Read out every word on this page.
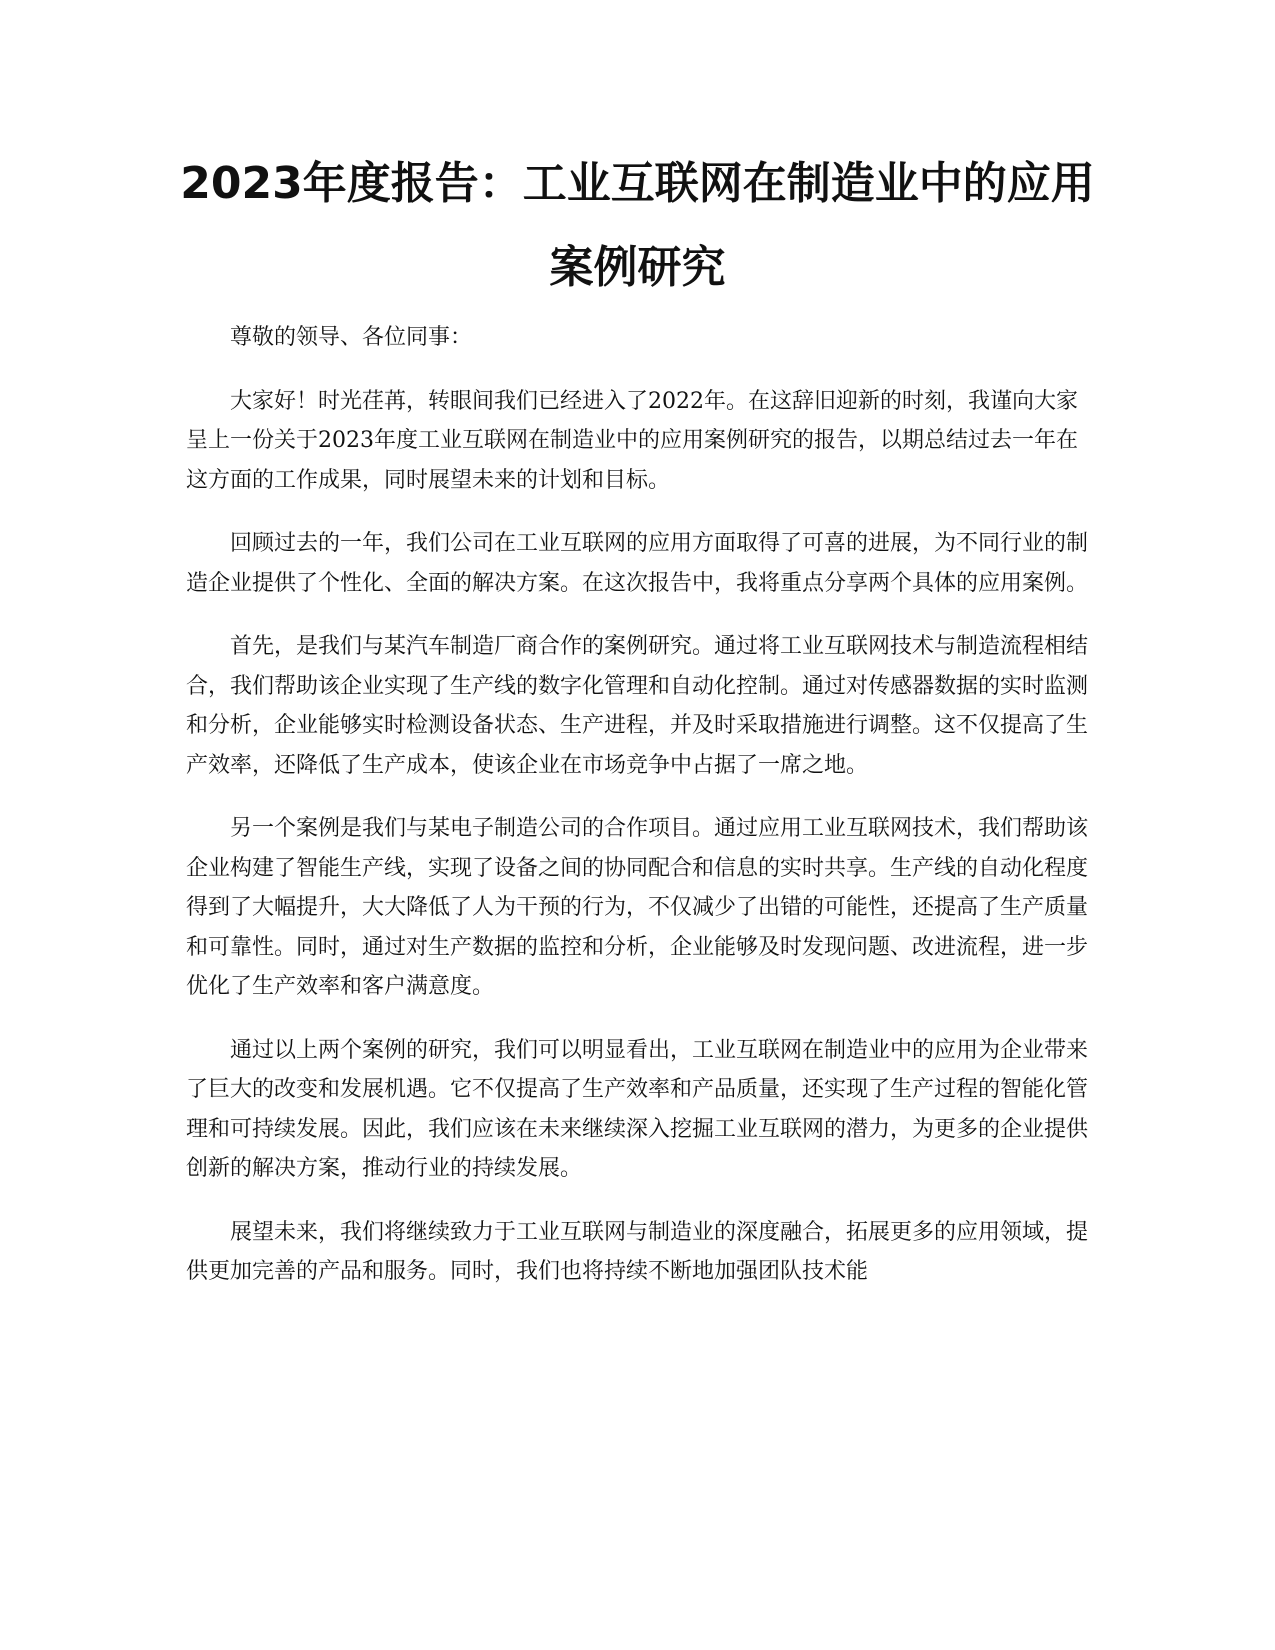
2023年度报告：工业互联网在制造业中的应用案例研究

尊敬的领导、各位同事：

大家好！时光荏苒，转眼间我们已经进入了2022年。在这辞旧迎新的时刻，我谨向大家呈上一份关于2023年度工业互联网在制造业中的应用案例研究的报告，以期总结过去一年在这方面的工作成果，同时展望未来的计划和目标。

回顾过去的一年，我们公司在工业互联网的应用方面取得了可喜的进展，为不同行业的制造企业提供了个性化、全面的解决方案。在这次报告中，我将重点分享两个具体的应用案例。

首先，是我们与某汽车制造厂商合作的案例研究。通过将工业互联网技术与制造流程相结合，我们帮助该企业实现了生产线的数字化管理和自动化控制。通过对传感器数据的实时监测和分析，企业能够实时检测设备状态、生产进程，并及时采取措施进行调整。这不仅提高了生产效率，还降低了生产成本，使该企业在市场竞争中占据了一席之地。

另一个案例是我们与某电子制造公司的合作项目。通过应用工业互联网技术，我们帮助该企业构建了智能生产线，实现了设备之间的协同配合和信息的实时共享。生产线的自动化程度得到了大幅提升，大大降低了人为干预的行为，不仅减少了出错的可能性，还提高了生产质量和可靠性。同时，通过对生产数据的监控和分析，企业能够及时发现问题、改进流程，进一步优化了生产效率和客户满意度。

通过以上两个案例的研究，我们可以明显看出，工业互联网在制造业中的应用为企业带来了巨大的改变和发展机遇。它不仅提高了生产效率和产品质量，还实现了生产过程的智能化管理和可持续发展。因此，我们应该在未来继续深入挖掘工业互联网的潜力，为更多的企业提供创新的解决方案，推动行业的持续发展。

展望未来，我们将继续致力于工业互联网与制造业的深度融合，拓展更多的应用领域，提供更加完善的产品和服务。同时，我们也将持续不断地加强团队技术能
